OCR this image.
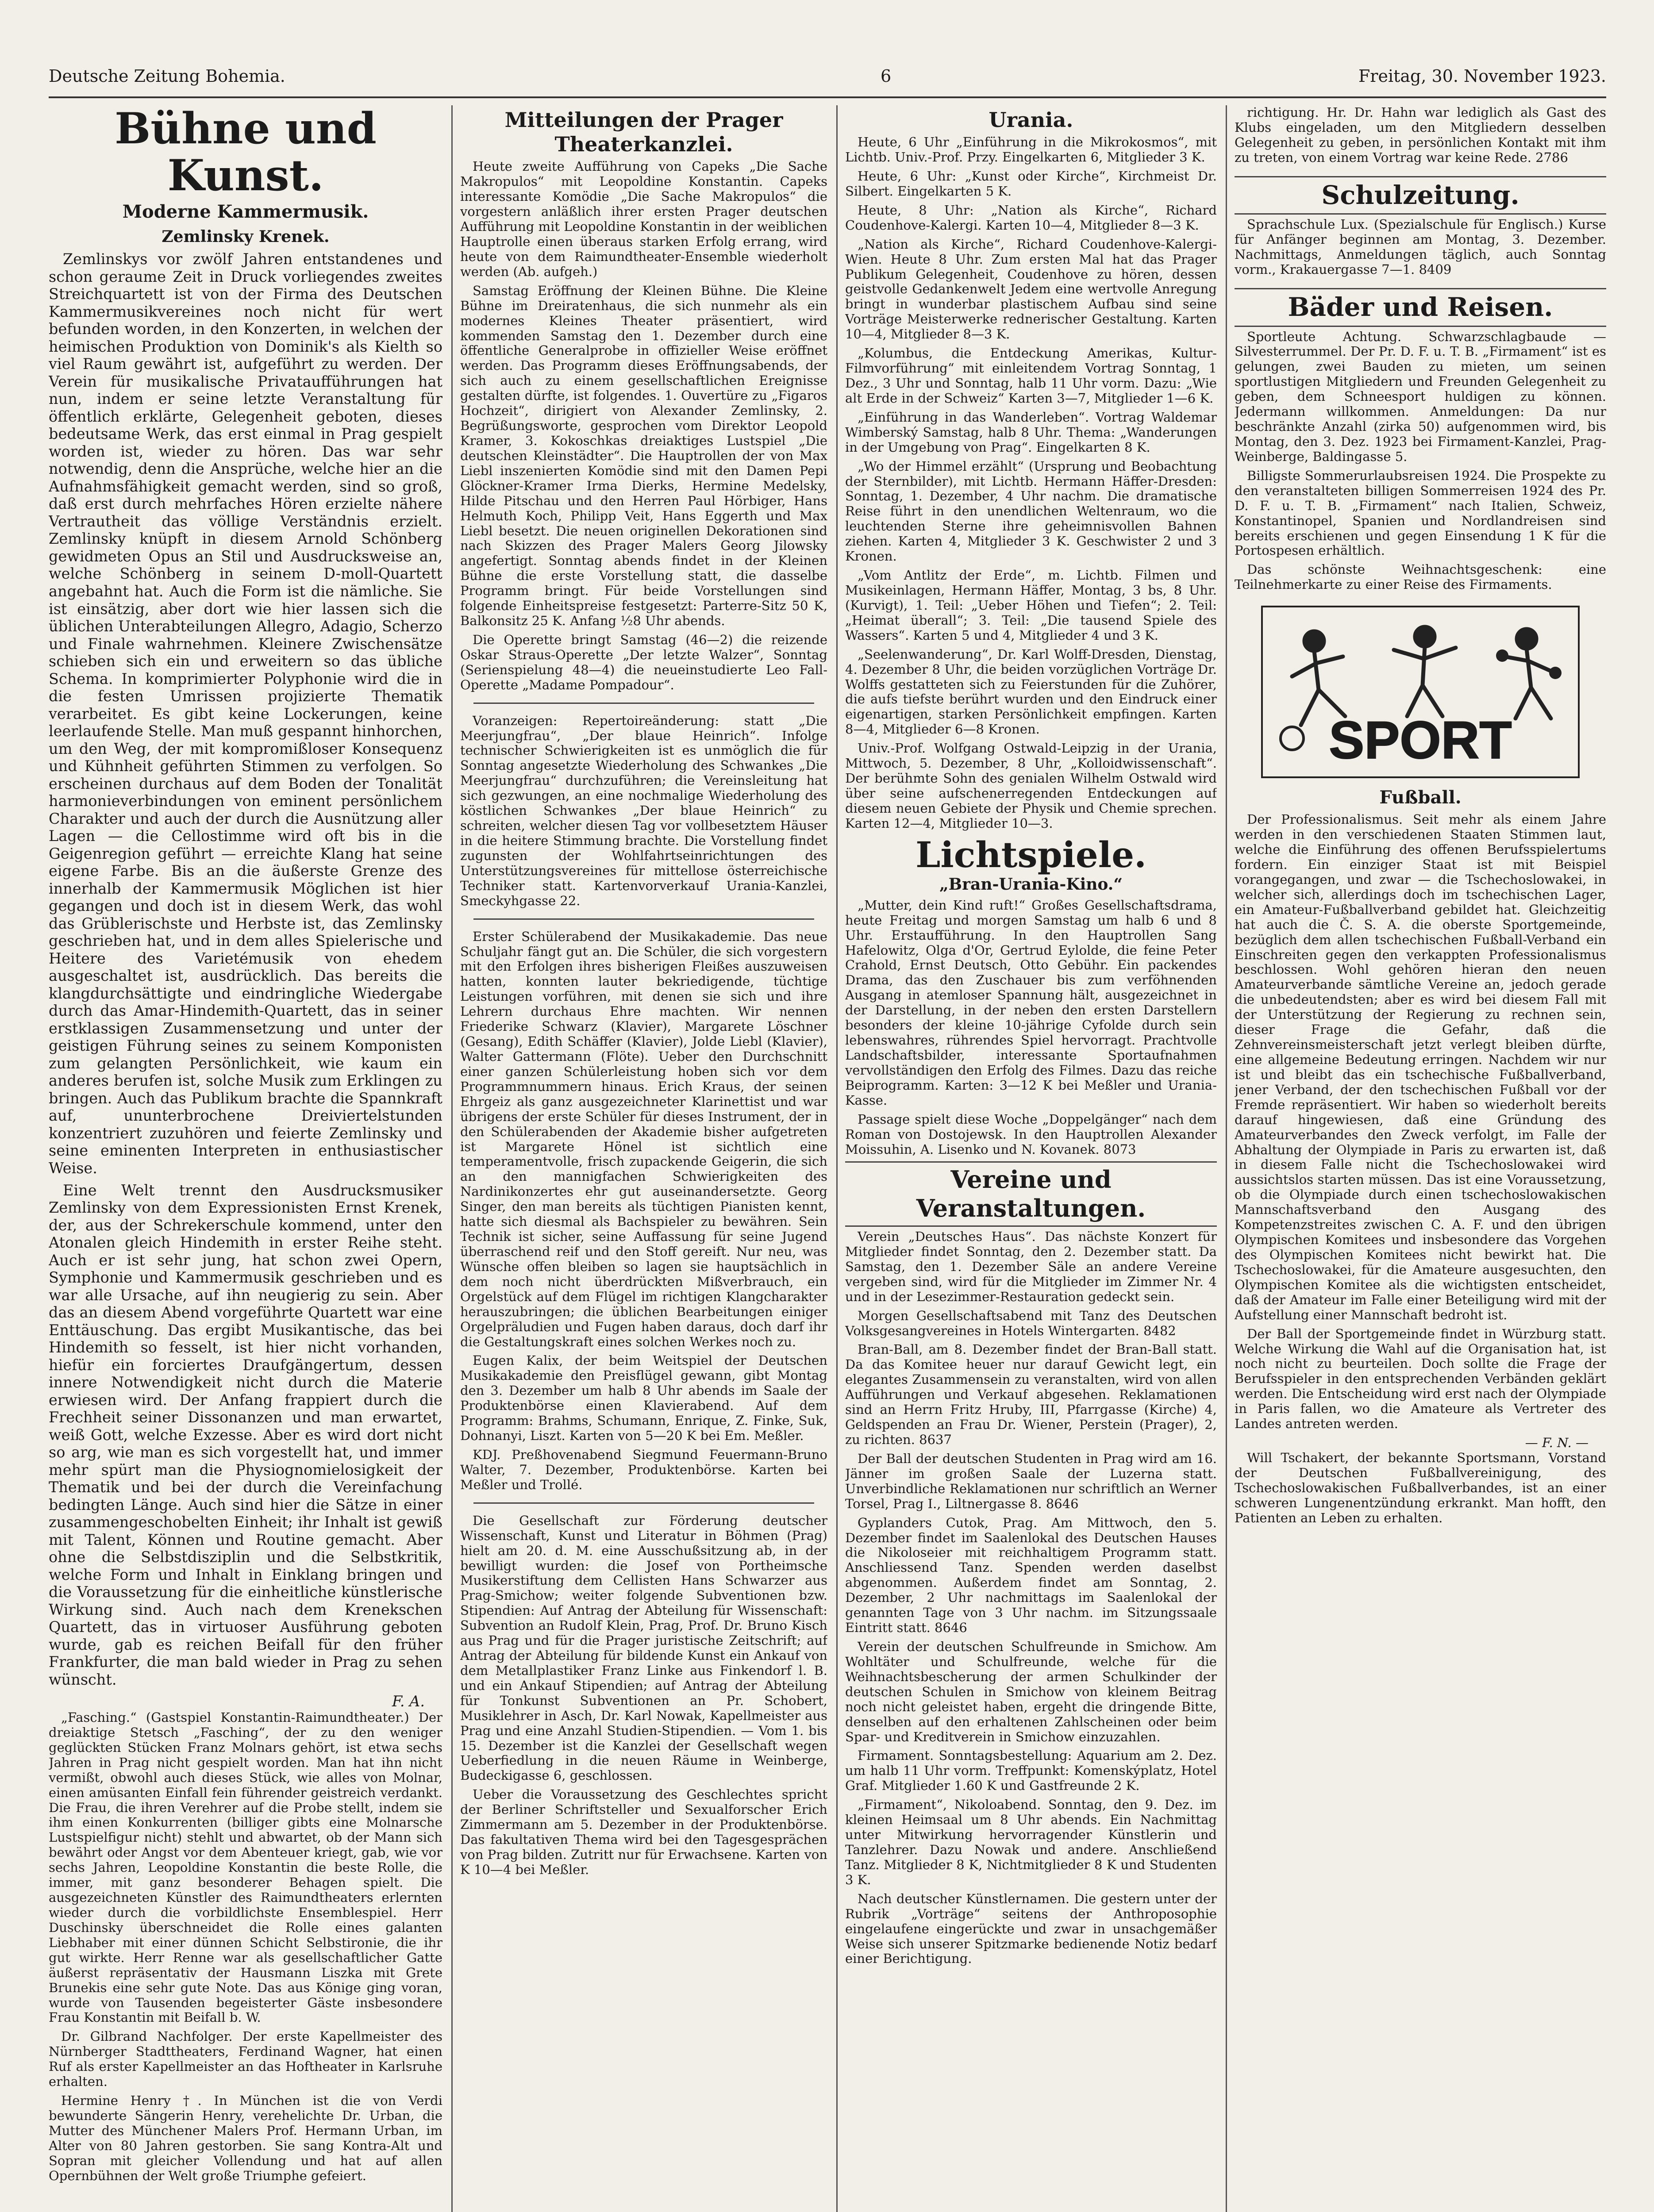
Deutsche Zeitung Bohemia.	6	Freitag, 30. November 1923.
Bühne und Kunst.
Moderne Kammermusik.
Zemlinsky Krenek.

Zemlinskys vor zwölf Jahren entstandenes und schon geraume Zeit in Druck vorliegendes zweites Streichquartett ist von der Firma des Deutschen Kammermusikvereines noch nicht für wert befunden worden, in den Konzerten, in welchen der heimischen Produktion von Dominik's als Kielth so viel Raum gewährt ist, aufgeführt zu werden. Der Verein für musikalische Privataufführungen hat nun, indem er seine letzte Veranstaltung für öffentlich erklärte, Gelegenheit geboten, dieses bedeutsame Werk, das erst einmal in Prag gespielt worden ist, wieder zu hören. Das war sehr notwendig, denn die Ansprüche, welche hier an die Aufnahmsfähigkeit gemacht werden, sind so groß, daß erst durch mehrfaches Hören erzielte nähere Vertrautheit das völlige Verständnis erzielt. Zemlinsky knüpft in diesem Arnold Schönberg gewidmeten Opus an Stil und Ausdrucksweise an, welche Schönberg in seinem D-moll-Quartett angebahnt hat. Auch die Form ist die nämliche. Sie ist einsätzig, aber dort wie hier lassen sich die üblichen Unterabteilungen Allegro, Adagio, Scherzo und Finale wahrnehmen. Kleinere Zwischensätze schieben sich ein und erweitern so das übliche Schema. In komprimierter Polyphonie wird die in die festen Umrissen projizierte Thematik verarbeitet. Es gibt keine Lockerungen, keine leerlaufende Stelle. Man muß gespannt hinhorchen, um den Weg, der mit kompromißloser Konsequenz und Kühnheit geführten Stimmen zu verfolgen. So erscheinen durchaus auf dem Boden der Tonalität harmonieverbindungen von eminent persönlichem Charakter und auch der durch die Ausnützung aller Lagen — die Cellostimme wird oft bis in die Geigenregion geführt — erreichte Klang hat seine eigene Farbe. Bis an die äußerste Grenze des innerhalb der Kammermusik Möglichen ist hier gegangen und doch ist in diesem Werk, das wohl das Grüblerischste und Herbste ist, das Zemlinsky geschrieben hat, und in dem alles Spielerische und Heitere des Varietémusik von ehedem ausgeschaltet ist, ausdrücklich. Das bereits die klangdurchsättigte und eindringliche Wiedergabe durch das Amar-Hindemith-Quartett, das in seiner erstklassigen Zusammensetzung und unter der geistigen Führung seines zu seinem Komponisten zum gelangten Persönlichkeit, wie kaum ein anderes berufen ist, solche Musik zum Erklingen zu bringen. Auch das Publikum brachte die Spannkraft auf, ununterbrochene Dreiviertelstunden konzentriert zuzuhören und feierte Zemlinsky und seine eminenten Interpreten in enthusiastischer Weise.

Eine Welt trennt den Ausdrucksmusiker Zemlinsky von dem Expressionisten Ernst Krenek, der, aus der Schrekerschule kommend, unter den Atonalen gleich Hindemith in erster Reihe steht. Auch er ist sehr jung, hat schon zwei Opern, Symphonie und Kammermusik geschrieben und es war alle Ursache, auf ihn neugierig zu sein. Aber das an diesem Abend vorgeführte Quartett war eine Enttäuschung. Das ergibt Musikantische, das bei Hindemith so fesselt, ist hier nicht vorhanden, hiefür ein forciertes Draufgängertum, dessen innere Notwendigkeit nicht durch die Materie erwiesen wird. Der Anfang frappiert durch die Frechheit seiner Dissonanzen und man erwartet, weiß Gott, welche Exzesse. Aber es wird dort nicht so arg, wie man es sich vorgestellt hat, und immer mehr spürt man die Physiognomielosigkeit der Thematik und bei der durch die Vereinfachung bedingten Länge. Auch sind hier die Sätze in einer zusammengeschobelten Einheit; ihr Inhalt ist gewiß mit Talent, Können und Routine gemacht. Aber ohne die Selbstdisziplin und die Selbstkritik, welche Form und Inhalt in Einklang bringen und die Voraussetzung für die einheitliche künstlerische Wirkung sind. Auch nach dem Krenekschen Quartett, das in virtuoser Ausführung geboten wurde, gab es reichen Beifall für den früher Frankfurter, die man bald wieder in Prag zu sehen wünscht.

F. A.

„Fasching.“ (Gastspiel Konstantin-Raimundtheater.) Der dreiaktige Stetsch „Fasching“, der zu den weniger geglückten Stücken Franz Molnars gehört, ist etwa sechs Jahren in Prag nicht gespielt worden. Man hat ihn nicht vermißt, obwohl auch dieses Stück, wie alles von Molnar, einen amüsanten Einfall fein führender geistreich verdankt. Die Frau, die ihren Verehrer auf die Probe stellt, indem sie ihm einen Konkurrenten (billiger gibts eine Molnarsche Lustspielfigur nicht) stehlt und abwartet, ob der Mann sich bewährt oder Angst vor dem Abenteuer kriegt, gab, wie vor sechs Jahren, Leopoldine Konstantin die beste Rolle, die immer, mit ganz besonderer Behagen spielt. Die ausgezeichneten Künstler des Raimundtheaters erlernten wieder durch die vorbildlichste Ensemblespiel. Herr Duschinsky überschneidet die Rolle eines galanten Liebhaber mit einer dünnen Schicht Selbstironie, die ihr gut wirkte. Herr Renne war als gesellschaftlicher Gatte äußerst repräsentativ der Hausmann Liszka mit Grete Brunekis eine sehr gute Note. Das aus Könige ging voran, wurde von Tausenden begeisterter Gäste insbesondere Frau Konstantin mit Beifall b. W.

Dr. Gilbrand Nachfolger. Der erste Kapellmeister des Nürnberger Stadttheaters, Ferdinand Wagner, hat einen Ruf als erster Kapellmeister an das Hoftheater in Karlsruhe erhalten.

Hermine Henry †. In München ist die von Verdi bewunderte Sängerin Henry, verehelichte Dr. Urban, die Mutter des Münchener Malers Prof. Hermann Urban, im Alter von 80 Jahren gestorben. Sie sang Kontra-Alt und Sopran mit gleicher Vollendung und hat auf allen Opernbühnen der Welt große Triumphe gefeiert.

Mitteilungen der Prager Theaterkanzlei.

Heute zweite Aufführung von Capeks „Die Sache Makropulos“ mit Leopoldine Konstantin. Capeks interessante Komödie „Die Sache Makropulos“ die vorgestern anläßlich ihrer ersten Prager deutschen Aufführung mit Leopoldine Konstantin in der weiblichen Hauptrolle einen überaus starken Erfolg errang, wird heute von dem Raimundtheater-Ensemble wiederholt werden (Ab. aufgeh.)

Samstag Eröffnung der Kleinen Bühne. Die Kleine Bühne im Dreiratenhaus, die sich nunmehr als ein modernes Kleines Theater präsentiert, wird kommenden Samstag den 1. Dezember durch eine öffentliche Generalprobe in offizieller Weise eröffnet werden. Das Programm dieses Eröffnungsabends, der sich auch zu einem gesellschaftlichen Ereignisse gestalten dürfte, ist folgendes. 1. Ouvertüre zu „Figaros Hochzeit“, dirigiert von Alexander Zemlinsky, 2. Begrüßungsworte, gesprochen vom Direktor Leopold Kramer, 3. Kokoschkas dreiaktiges Lustspiel „Die deutschen Kleinstädter“. Die Hauptrollen der von Max Liebl inszenierten Komödie sind mit den Damen Pepi Glöckner-Kramer Irma Dierks, Hermine Medelsky, Hilde Pitschau und den Herren Paul Hörbiger, Hans Helmuth Koch, Philipp Veit, Hans Eggerth und Max Liebl besetzt. Die neuen originellen Dekorationen sind nach Skizzen des Prager Malers Georg Jilowsky angefertigt. Sonntag abends findet in der Kleinen Bühne die erste Vorstellung statt, die dasselbe Programm bringt. Für beide Vorstellungen sind folgende Einheitspreise festgesetzt: Parterre-Sitz 50 K, Balkonsitz 25 K. Anfang ½8 Uhr abends.

Die Operette bringt Samstag (46—2) die reizende Oskar Straus-Operette „Der letzte Walzer“, Sonntag (Serienspielung 48—4) die neueinstudierte Leo Fall-Operette „Madame Pompadour“.

Voranzeigen: Repertoireänderung: statt „Die Meerjungfrau“, „Der blaue Heinrich“. Infolge technischer Schwierigkeiten ist es unmöglich die für Sonntag angesetzte Wiederholung des Schwankes „Die Meerjungfrau“ durchzuführen; die Vereinsleitung hat sich gezwungen, an eine nochmalige Wiederholung des köstlichen Schwankes „Der blaue Heinrich“ zu schreiten, welcher diesen Tag vor vollbesetztem Häuser in die heitere Stimmung brachte. Die Vorstellung findet zugunsten der Wohlfahrtseinrichtungen des Unterstützungsvereines für mittellose österreichische Techniker statt. Kartenvorverkauf Urania-Kanzlei, Smeckyhgasse 22.

Erster Schülerabend der Musikakademie. Das neue Schuljahr fängt gut an. Die Schüler, die sich vorgestern mit den Erfolgen ihres bisherigen Fleißes auszuweisen hatten, konnten lauter bekriedigende, tüchtige Leistungen vorführen, mit denen sie sich und ihre Lehrern durchaus Ehre machten. Wir nennen Friederike Schwarz (Klavier), Margarete Löschner (Gesang), Edith Schäffer (Klavier), Jolde Liebl (Klavier), Walter Gattermann (Flöte). Ueber den Durchschnitt einer ganzen Schülerleistung hoben sich vor dem Programmnummern hinaus. Erich Kraus, der seinen Ehrgeiz als ganz ausgezeichneter Klarinettist und war übrigens der erste Schüler für dieses Instrument, der in den Schülerabenden der Akademie bisher aufgetreten ist Margarete Hönel ist sichtlich eine temperamentvolle, frisch zupackende Geigerin, die sich an den mannigfachen Schwierigkeiten des Nardinikonzertes ehr gut auseinandersetzte. Georg Singer, den man bereits als tüchtigen Pianisten kennt, hatte sich diesmal als Bachspieler zu bewähren. Sein Technik ist sicher, seine Auffassung für seine Jugend überraschend reif und den Stoff gereift. Nur neu, was Wünsche offen bleiben so lagen sie hauptsächlich in dem noch nicht überdrückten Mißverbrauch, ein Orgelstück auf dem Flügel im richtigen Klangcharakter herauszubringen; die üblichen Bearbeitungen einiger Orgelpräludien und Fugen haben daraus, doch darf ihr die Gestaltungskraft eines solchen Werkes noch zu.

Eugen Kalix, der beim Weitspiel der Deutschen Musikakademie den Preisflügel gewann, gibt Montag den 3. Dezember um halb 8 Uhr abends im Saale der Produktenbörse einen Klavierabend. Auf dem Programm: Brahms, Schumann, Enrique, Z. Finke, Suk, Dohnanyi, Liszt. Karten von 5—20 K bei Em. Meßler.

KDJ. Preßhovenabend Siegmund Feuermann-Bruno Walter, 7. Dezember, Produktenbörse. Karten bei Meßler und Trollé.

Die Gesellschaft zur Förderung deutscher Wissenschaft, Kunst und Literatur in Böhmen (Prag) hielt am 20. d. M. eine Ausschußsitzung ab, in der bewilligt wurden: die Josef von Portheimsche Musikerstiftung dem Cellisten Hans Schwarzer aus Prag-Smichow; weiter folgende Subventionen bzw. Stipendien: Auf Antrag der Abteilung für Wissenschaft: Subvention an Rudolf Klein, Prag, Prof. Dr. Bruno Kisch aus Prag und für die Prager juristische Zeitschrift; auf Antrag der Abteilung für bildende Kunst ein Ankauf von dem Metallplastiker Franz Linke aus Finkendorf l. B. und ein Ankauf Stipendien; auf Antrag der Abteilung für Tonkunst Subventionen an Pr. Schobert, Musiklehrer in Asch, Dr. Karl Nowak, Kapellmeister aus Prag und eine Anzahl Studien-Stipendien. — Vom 1. bis 15. Dezember ist die Kanzlei der Gesellschaft wegen Ueberfiedlung in die neuen Räume in Weinberge, Budeckigasse 6, geschlossen.

Ueber die Voraussetzung des Geschlechtes spricht der Berliner Schriftsteller und Sexualforscher Erich Zimmermann am 5. Dezember in der Produktenbörse. Das fakultativen Thema wird bei den Tagesgesprächen von Prag bilden. Zutritt nur für Erwachsene. Karten von K 10—4 bei Meßler.

Urania.

Heute, 6 Uhr „Einführung in die Mikrokosmos“, mit Lichtb. Univ.-Prof. Przy. Eingelkarten 6, Mitglieder 3 K.

Heute, 6 Uhr: „Kunst oder Kirche“, Kirchmeist Dr. Silbert. Eingelkarten 5 K.

Heute, 8 Uhr: „Nation als Kirche“, Richard Coudenhove-Kalergi. Karten 10—4, Mitglieder 8—3 K.

„Nation als Kirche“, Richard Coudenhove-Kalergi-Wien. Heute 8 Uhr. Zum ersten Mal hat das Prager Publikum Gelegenheit, Coudenhove zu hören, dessen geistvolle Gedankenwelt Jedem eine wertvolle Anregung bringt in wunderbar plastischem Aufbau sind seine Vorträge Meisterwerke rednerischer Gestaltung. Karten 10—4, Mitglieder 8—3 K.

„Kolumbus, die Entdeckung Amerikas, Kultur-Filmvorführung“ mit einleitendem Vortrag Sonntag, 1 Dez., 3 Uhr und Sonntag, halb 11 Uhr vorm. Dazu: „Wie alt Erde in der Schweiz“ Karten 3—7, Mitglieder 1—6 K.

„Einführung in das Wanderleben“. Vortrag Waldemar Wimberský Samstag, halb 8 Uhr. Thema: „Wanderungen in der Umgebung von Prag“. Eingelkarten 8 K.

„Wo der Himmel erzählt“ (Ursprung und Beobachtung der Sternbilder), mit Lichtb. Hermann Häffer-Dresden: Sonntag, 1. Dezember, 4 Uhr nachm. Die dramatische Reise führt in den unendlichen Weltenraum, wo die leuchtenden Sterne ihre geheimnisvollen Bahnen ziehen. Karten 4, Mitglieder 3 K. Geschwister 2 und 3 Kronen.

„Vom Antlitz der Erde“, m. Lichtb. Filmen und Musikeinlagen, Hermann Häffer, Montag, 3 bs, 8 Uhr. (Kurvigt), 1. Teil: „Ueber Höhen und Tiefen“; 2. Teil: „Heimat überall“; 3. Teil: „Die tausend Spiele des Wassers“. Karten 5 und 4, Mitglieder 4 und 3 K.

„Seelenwanderung“, Dr. Karl Wolff-Dresden, Dienstag, 4. Dezember 8 Uhr, die beiden vorzüglichen Vorträge Dr. Wolffs gestatteten sich zu Feierstunden für die Zuhörer, die aufs tiefste berührt wurden und den Eindruck einer eigenartigen, starken Persönlichkeit empfingen. Karten 8—4, Mitglieder 6—8 Kronen.

Univ.-Prof. Wolfgang Ostwald-Leipzig in der Urania, Mittwoch, 5. Dezember, 8 Uhr, „Kolloidwissenschaft“. Der berühmte Sohn des genialen Wilhelm Ostwald wird über seine aufschenerregenden Entdeckungen auf diesem neuen Gebiete der Physik und Chemie sprechen. Karten 12—4, Mitglieder 10—3.

Lichtspiele.
„Bran-Urania-Kino.“

„Mutter, dein Kind ruft!“ Großes Gesellschaftsdrama, heute Freitag und morgen Samstag um halb 6 und 8 Uhr. Erstaufführung. In den Hauptrollen Sang Hafelowitz, Olga d'Or, Gertrud Eylolde, die feine Peter Crahold, Ernst Deutsch, Otto Gebühr. Ein packendes Drama, das den Zuschauer bis zum verföhnenden Ausgang in atemloser Spannung hält, ausgezeichnet in der Darstellung, in der neben den ersten Darstellern besonders der kleine 10-jährige Cyfolde durch sein lebenswahres, rührendes Spiel hervorragt. Prachtvolle Landschaftsbilder, interessante Sportaufnahmen vervollständigen den Erfolg des Filmes. Dazu das reiche Beiprogramm. Karten: 3—12 K bei Meßler und Urania-Kasse.

Passage spielt diese Woche „Doppelgänger“ nach dem Roman von Dostojewsk. In den Hauptrollen Alexander Moissuhin, A. Lisenko und N. Kovanek. 8073

Vereine und Veranstaltungen.

Verein „Deutsches Haus“. Das nächste Konzert für Mitglieder findet Sonntag, den 2. Dezember statt. Da Samstag, den 1. Dezember Säle an andere Vereine vergeben sind, wird für die Mitglieder im Zimmer Nr. 4 und in der Lesezimmer-Restauration gedeckt sein.

Morgen Gesellschaftsabend mit Tanz des Deutschen Volksgesangvereines in Hotels Wintergarten. 8482

Bran-Ball, am 8. Dezember findet der Bran-Ball statt. Da das Komitee heuer nur darauf Gewicht legt, ein elegantes Zusammensein zu veranstalten, wird von allen Aufführungen und Verkauf abgesehen. Reklamationen sind an Herrn Fritz Hruby, III, Pfarrgasse (Kirche) 4, Geldspenden an Frau Dr. Wiener, Perstein (Prager), 2, zu richten. 8637

Der Ball der deutschen Studenten in Prag wird am 16. Jänner im großen Saale der Luzerna statt. Unverbindliche Reklamationen nur schriftlich an Werner Torsel, Prag I., Liltnergasse 8. 8646

Gyplanders Cutok, Prag. Am Mittwoch, den 5. Dezember findet im Saalenlokal des Deutschen Hauses die Nikoloseier mit reichhaltigem Programm statt. Anschliessend Tanz. Spenden werden daselbst abgenommen. Außerdem findet am Sonntag, 2. Dezember, 2 Uhr nachmittags im Saalenlokal der genannten Tage von 3 Uhr nachm. im Sitzungssaale Eintritt statt. 8646

Verein der deutschen Schulfreunde in Smichow. Am Wohltäter und Schulfreunde, welche für die Weihnachtsbescherung der armen Schulkinder der deutschen Schulen in Smichow von kleinem Beitrag noch nicht geleistet haben, ergeht die dringende Bitte, denselben auf den erhaltenen Zahlscheinen oder beim Spar- und Kreditverein in Smichow einzuzahlen.

Firmament. Sonntagsbestellung: Aquarium am 2. Dez. um halb 11 Uhr vorm. Treffpunkt: Komenskýplatz, Hotel Graf. Mitglieder 1.60 K und Gastfreunde 2 K.

„Firmament“, Nikoloabend. Sonntag, den 9. Dez. im kleinen Heimsaal um 8 Uhr abends. Ein Nachmittag unter Mitwirkung hervorragender Künstlerin und Tanzlehrer. Dazu Nowak und andere. Anschließend Tanz. Mitglieder 8 K, Nichtmitglieder 8 K und Studenten 3 K.

Nach deutscher Künstlernamen. Die gestern unter der Rubrik „Vorträge“ seitens der Anthroposophie eingelaufene eingerückte und zwar in unsachgemäßer Weise sich unserer Spitzmarke bedienende Notiz bedarf einer Berichtigung.

richtigung. Hr. Dr. Hahn war lediglich als Gast des Klubs eingeladen, um den Mitgliedern desselben Gelegenheit zu geben, in persönlichen Kontakt mit ihm zu treten, von einem Vortrag war keine Rede. 2786

Schulzeitung.

Sprachschule Lux. (Spezialschule für Englisch.) Kurse für Anfänger beginnen am Montag, 3. Dezember. Nachmittags, Anmeldungen täglich, auch Sonntag vorm., Krakauergasse 7—1. 8409

Bäder und Reisen.

Sportleute Achtung. Schwarzschlagbaude — Silvesterrummel. Der Pr. D. F. u. T. B. „Firmament“ ist es gelungen, zwei Bauden zu mieten, um seinen sportlustigen Mitgliedern und Freunden Gelegenheit zu geben, dem Schneesport huldigen zu können. Jedermann willkommen. Anmeldungen: Da nur beschränkte Anzahl (zirka 50) aufgenommen wird, bis Montag, den 3. Dez. 1923 bei Firmament-Kanzlei, Prag-Weinberge, Baldingasse 5.

Billigste Sommerurlaubsreisen 1924. Die Prospekte zu den veranstalteten billigen Sommerreisen 1924 des Pr. D. F. u. T. B. „Firmament“ nach Italien, Schweiz, Konstantinopel, Spanien und Nordlandreisen sind bereits erschienen und gegen Einsendung 1 K für die Portospesen erhältlich.

Das schönste Weihnachtsgeschenk: eine Teilnehmerkarte zu einer Reise des Firmaments.

SPORT
Fußball.

Der Professionalismus. Seit mehr als einem Jahre werden in den verschiedenen Staaten Stimmen laut, welche die Einführung des offenen Berufsspielertums fordern. Ein einziger Staat ist mit Beispiel vorangegangen, und zwar — die Tschechoslowakei, in welcher sich, allerdings doch im tschechischen Lager, ein Amateur-Fußballverband gebildet hat. Gleichzeitig hat auch die Č. S. A. die oberste Sportgemeinde, bezüglich dem allen tschechischen Fußball-Verband ein Einschreiten gegen den verkappten Professionalismus beschlossen. Wohl gehören hieran den neuen Amateurverbande sämtliche Vereine an, jedoch gerade die unbedeutendsten; aber es wird bei diesem Fall mit der Unterstützung der Regierung zu rechnen sein, dieser Frage die Gefahr, daß die Zehnvereinsmeisterschaft jetzt verlegt bleiben dürfte, eine allgemeine Bedeutung erringen. Nachdem wir nur ist und bleibt das ein tschechische Fußballverband, jener Verband, der den tschechischen Fußball vor der Fremde repräsentiert. Wir haben so wiederholt bereits darauf hingewiesen, daß eine Gründung des Amateurverbandes den Zweck verfolgt, im Falle der Abhaltung der Olympiade in Paris zu erwarten ist, daß in diesem Falle nicht die Tschechoslowakei wird aussichtslos starten müssen. Das ist eine Voraussetzung, ob die Olympiade durch einen tschechoslowakischen Mannschaftsverband den Ausgang des Kompetenzstreites zwischen C. A. F. und den übrigen Olympischen Komitees und insbesondere das Vorgehen des Olympischen Komitees nicht bewirkt hat. Die Tschechoslowakei, für die Amateure ausgesuchten, den Olympischen Komitee als die wichtigsten entscheidet, daß der Amateur im Falle einer Beteiligung wird mit der Aufstellung einer Mannschaft bedroht ist.

Der Ball der Sportgemeinde findet in Würzburg statt. Welche Wirkung die Wahl auf die Organisation hat, ist noch nicht zu beurteilen. Doch sollte die Frage der Berufsspieler in den entsprechenden Verbänden geklärt werden. Die Entscheidung wird erst nach der Olympiade in Paris fallen, wo die Amateure als Vertreter des Landes antreten werden.

— F. N. —

Will Tschakert, der bekannte Sportsmann, Vorstand der Deutschen Fußballvereinigung, des Tschechoslowakischen Fußballverbandes, ist an einer schweren Lungenentzündung erkrankt. Man hofft, den Patienten an Leben zu erhalten.
